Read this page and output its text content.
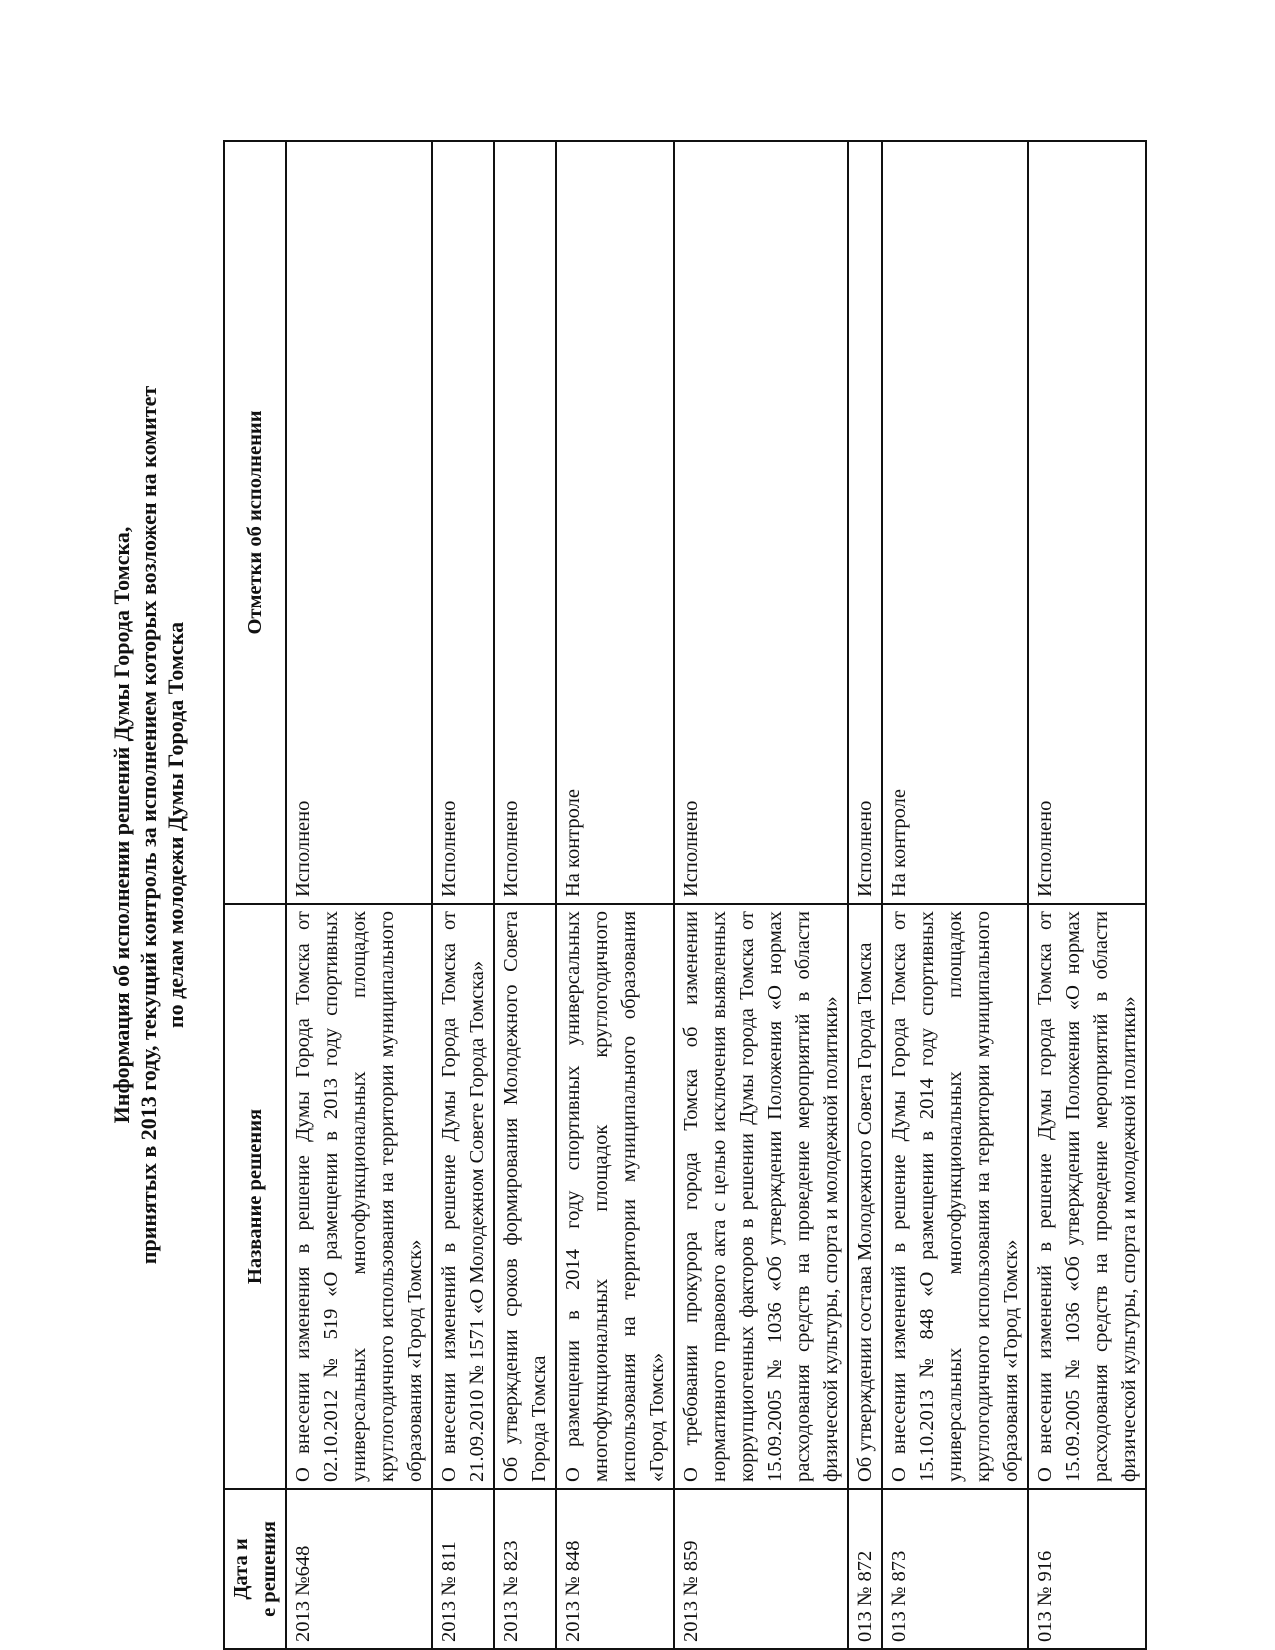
Информация об исполнении решений Думы Города Томска, принятых в 2013 году, текущий контроль за исполнением которых возложен на комитет по делам молодежи Думы Города Томска
Дата и е решения	Название решения	Отметки об исполнении
2013 №648	О внесении изменения в решение Думы Города Томска от 02.10.2012 № 519 «О размещении в 2013 году спортивных универсальных многофункциональных площадок круглогодичного использования на территории муниципального образования «Город Томск»	Исполнено
2013 № 811	О внесении изменений в решение Думы Города Томска от 21.09.2010 № 1571 «О Молодежном Совете Города Томска»	Исполнено
2013 № 823	Об утверждении сроков формирования Молодежного Совета Города Томска	Исполнено
2013 № 848	О размещении в 2014 году спортивных универсальных многофункциональных площадок круглогодичного использования на территории муниципального образования «Город Томск»	На контроле
2013 № 859	О требовании прокурора города Томска об изменении нормативного правового акта с целью исключения выявленных коррупциогенных факторов в решении Думы города Томска от 15.09.2005 № 1036 «Об утверждении Положения «О нормах расходования средств на проведение мероприятий в области физической культуры, спорта и молодежной политики»	Исполнено
013 № 872	Об утверждении состава Молодежного Совета Города Томска	Исполнено
013 № 873	О внесении изменений в решение Думы Города Томска от 15.10.2013 № 848 «О размещении в 2014 году спортивных универсальных многофункциональных площадок круглогодичного использования на территории муниципального образования «Город Томск»	На контроле
013 № 916	О внесении изменений в решение Думы города Томска от 15.09.2005 № 1036 «Об утверждении Положения «О нормах расходования средств на проведение мероприятий в области физической культуры, спорта и молодежной политики»	Исполнено
